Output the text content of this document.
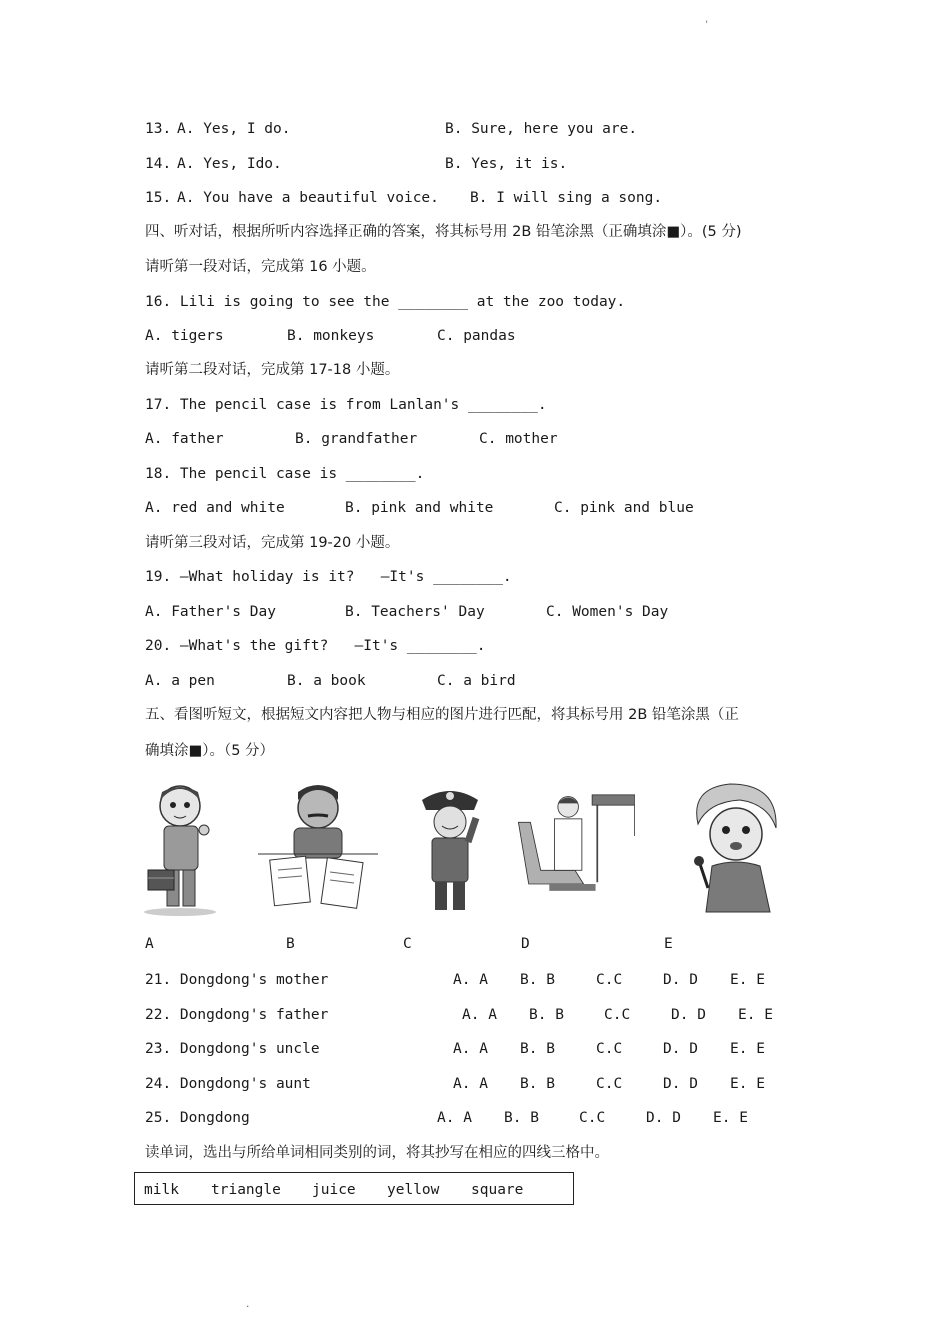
'
.
13. A. Yes, I do.	B. Sure, here you are.
14. A. Yes, Ido.	B. Yes, it is.
15. A. You have a beautiful voice. B. I will sing a song.
四、听对话，根据所听内容选择正确的答案，将其标号用 2B 铅笔涂黑（正确填涂■）。(5 分)
请听第一段对话，完成第 16 小题。
16. Lili is going to see the ________ at the zoo today.
A. tigers	B. monkeys	C. pandas
请听第二段对话，完成第 17-18 小题。
17. The pencil case is from Lanlan's ________.
A. father	B. grandfather	C. mother
18. The pencil case is ________.
A. red and white	B. pink and white	C. pink and blue
请听第三段对话，完成第 19-20 小题。
19. —What holiday is it?   —It's ________.
A. Father's Day	B. Teachers' Day	C. Women's Day
20. —What's the gift?   —It's ________.
A. a pen	B. a book	C. a bird
五、看图听短文，根据短文内容把人物与相应的图片进行匹配，将其标号用 2B 铅笔涂黑（正
确填涂■）。（5 分）
A	B	C	D	E
21. Dongdong's mother	A. A B. B	C.C	D. D E. E
22. Dongdong's father	A. A B. B	C.C	D. D E. E
23. Dongdong's uncle	A. A B. B	C.C	D. D E. E
24. Dongdong's aunt	A. A B. B	C.C	D. D E. E
25. Dongdong	A. A B. B	C.C	D. D E. E
读单词，选出与所给单词相同类别的词，将其抄写在相应的四线三格中。
milk triangle juice yellow square
